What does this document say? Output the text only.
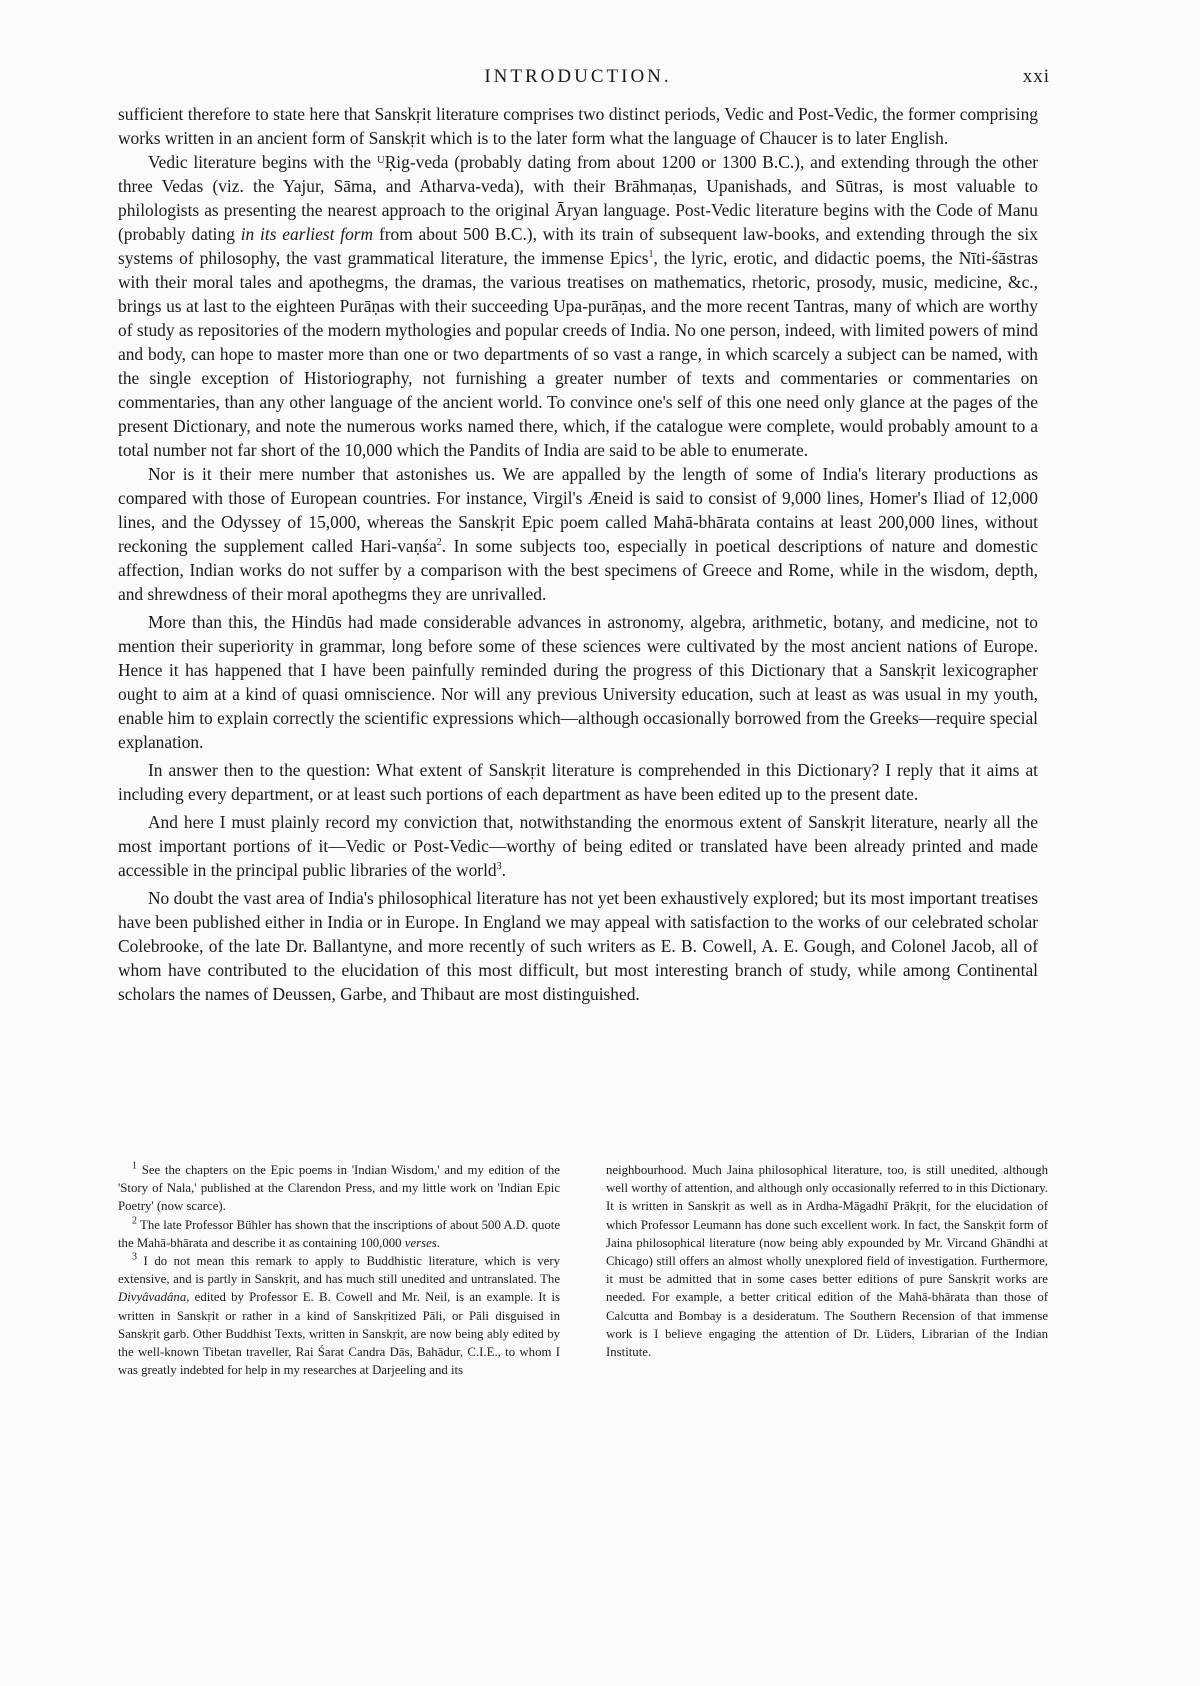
INTRODUCTION.	xxi

sufficient therefore to state here that Sanskṛit literature comprises two distinct periods, Vedic and Post-Vedic, the former comprising works written in an ancient form of Sanskṛit which is to the later form what the language of Chaucer is to later English.

Vedic literature begins with the ᵁṚig-veda (probably dating from about 1200 or 1300 B.C.), and extending through the other three Vedas (viz. the Yajur, Sāma, and Atharva-veda), with their Brāhmaṇas, Upanishads, and Sūtras, is most valuable to philologists as presenting the nearest approach to the original Āryan language. Post-Vedic literature begins with the Code of Manu (probably dating in its earliest form from about 500 B.C.), with its train of subsequent law-books, and extending through the six systems of philosophy, the vast grammatical literature, the immense Epics$^1$, the lyric, erotic, and didactic poems, the Nīti-śāstras with their moral tales and apothegms, the dramas, the various treatises on mathematics, rhetoric, prosody, music, medicine, &c., brings us at last to the eighteen Purāṇas with their succeeding Upa-purāṇas, and the more recent Tantras, many of which are worthy of study as repositories of the modern mythologies and popular creeds of India. No one person, indeed, with limited powers of mind and body, can hope to master more than one or two departments of so vast a range, in which scarcely a subject can be named, with the single exception of Historiography, not furnishing a greater number of texts and commentaries or commentaries on commentaries, than any other language of the ancient world. To convince one's self of this one need only glance at the pages of the present Dictionary, and note the numerous works named there, which, if the catalogue were complete, would probably amount to a total number not far short of the 10,000 which the Pandits of India are said to be able to enumerate.

Nor is it their mere number that astonishes us. We are appalled by the length of some of India's literary productions as compared with those of European countries. For instance, Virgil's Æneid is said to consist of 9,000 lines, Homer's Iliad of 12,000 lines, and the Odyssey of 15,000, whereas the Sanskṛit Epic poem called Mahā-bhārata contains at least 200,000 lines, without reckoning the supplement called Hari-vaṇśa$^2$. In some subjects too, especially in poetical descriptions of nature and domestic affection, Indian works do not suffer by a comparison with the best specimens of Greece and Rome, while in the wisdom, depth, and shrewdness of their moral apothegms they are unrivalled.

More than this, the Hindūs had made considerable advances in astronomy, algebra, arithmetic, botany, and medicine, not to mention their superiority in grammar, long before some of these sciences were cultivated by the most ancient nations of Europe. Hence it has happened that I have been painfully reminded during the progress of this Dictionary that a Sanskṛit lexicographer ought to aim at a kind of quasi omniscience. Nor will any previous University education, such at least as was usual in my youth, enable him to explain correctly the scientific expressions which—although occasionally borrowed from the Greeks—require special explanation.

In answer then to the question: What extent of Sanskṛit literature is comprehended in this Dictionary? I reply that it aims at including every department, or at least such portions of each department as have been edited up to the present date.

And here I must plainly record my conviction that, notwithstanding the enormous extent of Sanskṛit literature, nearly all the most important portions of it—Vedic or Post-Vedic—worthy of being edited or translated have been already printed and made accessible in the principal public libraries of the world$^3$.

No doubt the vast area of India's philosophical literature has not yet been exhaustively explored; but its most important treatises have been published either in India or in Europe. In England we may appeal with satisfaction to the works of our celebrated scholar Colebrooke, of the late Dr. Ballantyne, and more recently of such writers as E. B. Cowell, A. E. Gough, and Colonel Jacob, all of whom have contributed to the elucidation of this most difficult, but most interesting branch of study, while among Continental scholars the names of Deussen, Garbe, and Thibaut are most distinguished.

$^1$ See the chapters on the Epic poems in 'Indian Wisdom,' and my edition of the 'Story of Nala,' published at the Clarendon Press, and my little work on 'Indian Epic Poetry' (now scarce).

$^2$ The late Professor Bühler has shown that the inscriptions of about 500 A.D. quote the Mahā-bhārata and describe it as containing 100,000 verses.

$^3$ I do not mean this remark to apply to Buddhistic literature, which is very extensive, and is partly in Sanskṛit, and has much still unedited and untranslated. The Divyâvadâna, edited by Professor E. B. Cowell and Mr. Neil, is an example. It is written in Sanskṛit or rather in a kind of Sanskṛitized Pāli, or Pāli disguised in Sanskṛit garb. Other Buddhist Texts, written in Sanskṛit, are now being ably edited by the well-known Tibetan traveller, Rai Śarat Candra Dās, Bahādur, C.I.E., to whom I was greatly indebted for help in my researches at Darjeeling and its

neighbourhood. Much Jaina philosophical literature, too, is still unedited, although well worthy of attention, and although only occasionally referred to in this Dictionary. It is written in Sanskṛit as well as in Ardha-Māgadhī Prākṛit, for the elucidation of which Professor Leumann has done such excellent work. In fact, the Sanskṛit form of Jaina philosophical literature (now being ably expounded by Mr. Vircand Ghāndhi at Chicago) still offers an almost wholly unexplored field of investigation. Furthermore, it must be admitted that in some cases better editions of pure Sanskṛit works are needed. For example, a better critical edition of the Mahā-bhārata than those of Calcutta and Bombay is a desideratum. The Southern Recension of that immense work is I believe engaging the attention of Dr. Lüders, Librarian of the Indian Institute.
